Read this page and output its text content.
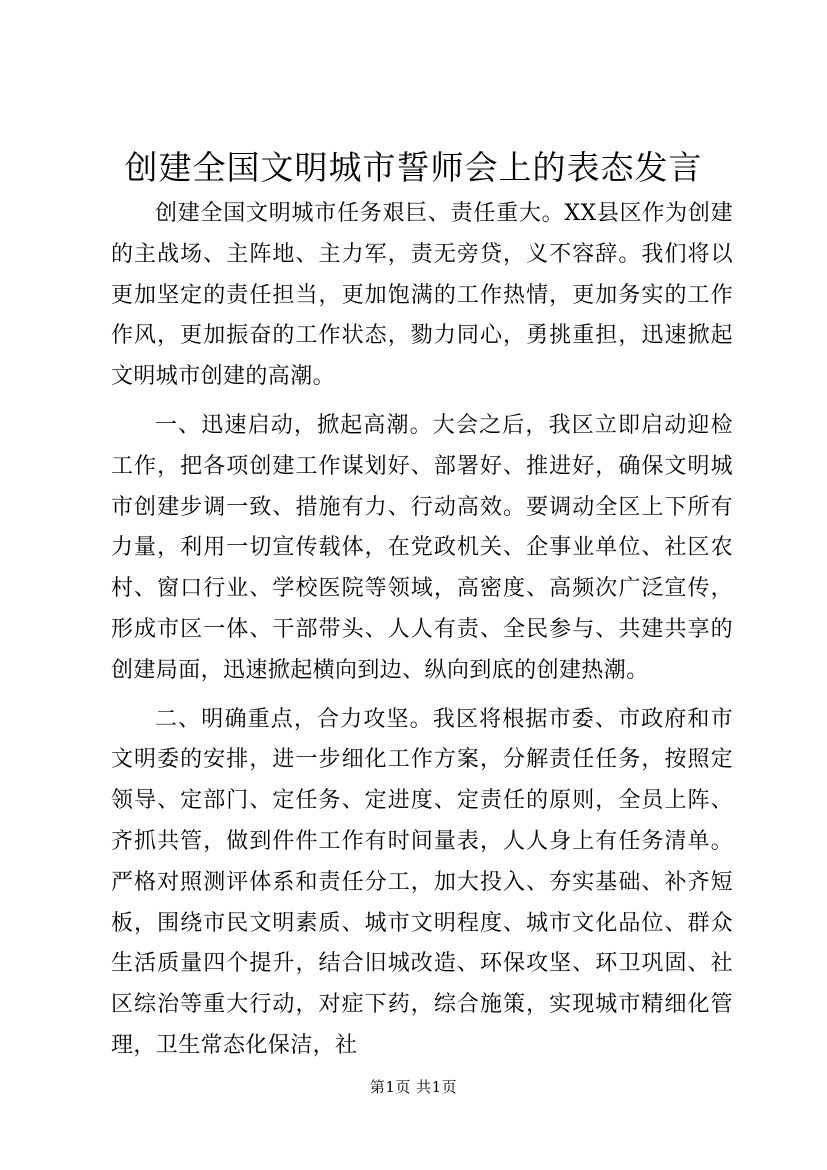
创建全国文明城市誓师会上的表态发言

创建全国文明城市任务艰巨、责任重大。XX县区作为创建的主战场、主阵地、主力军，责无旁贷，义不容辞。我们将以更加坚定的责任担当，更加饱满的工作热情，更加务实的工作作风，更加振奋的工作状态，勠力同心，勇挑重担，迅速掀起文明城市创建的高潮。

一、迅速启动，掀起高潮。大会之后，我区立即启动迎检工作，把各项创建工作谋划好、部署好、推进好，确保文明城市创建步调一致、措施有力、行动高效。要调动全区上下所有力量，利用一切宣传载体，在党政机关、企事业单位、社区农村、窗口行业、学校医院等领域，高密度、高频次广泛宣传，形成市区一体、干部带头、人人有责、全民参与、共建共享的创建局面，迅速掀起横向到边、纵向到底的创建热潮。

二、明确重点，合力攻坚。我区将根据市委、市政府和市文明委的安排，进一步细化工作方案，分解责任任务，按照定领导、定部门、定任务、定进度、定责任的原则，全员上阵、齐抓共管，做到件件工作有时间量表，人人身上有任务清单。严格对照测评体系和责任分工，加大投入、夯实基础、补齐短板，围绕市民文明素质、城市文明程度、城市文化品位、群众生活质量四个提升，结合旧城改造、环保攻坚、环卫巩固、社区综治等重大行动，对症下药，综合施策，实现城市精细化管理，卫生常态化保洁，社

第1页 共1页
